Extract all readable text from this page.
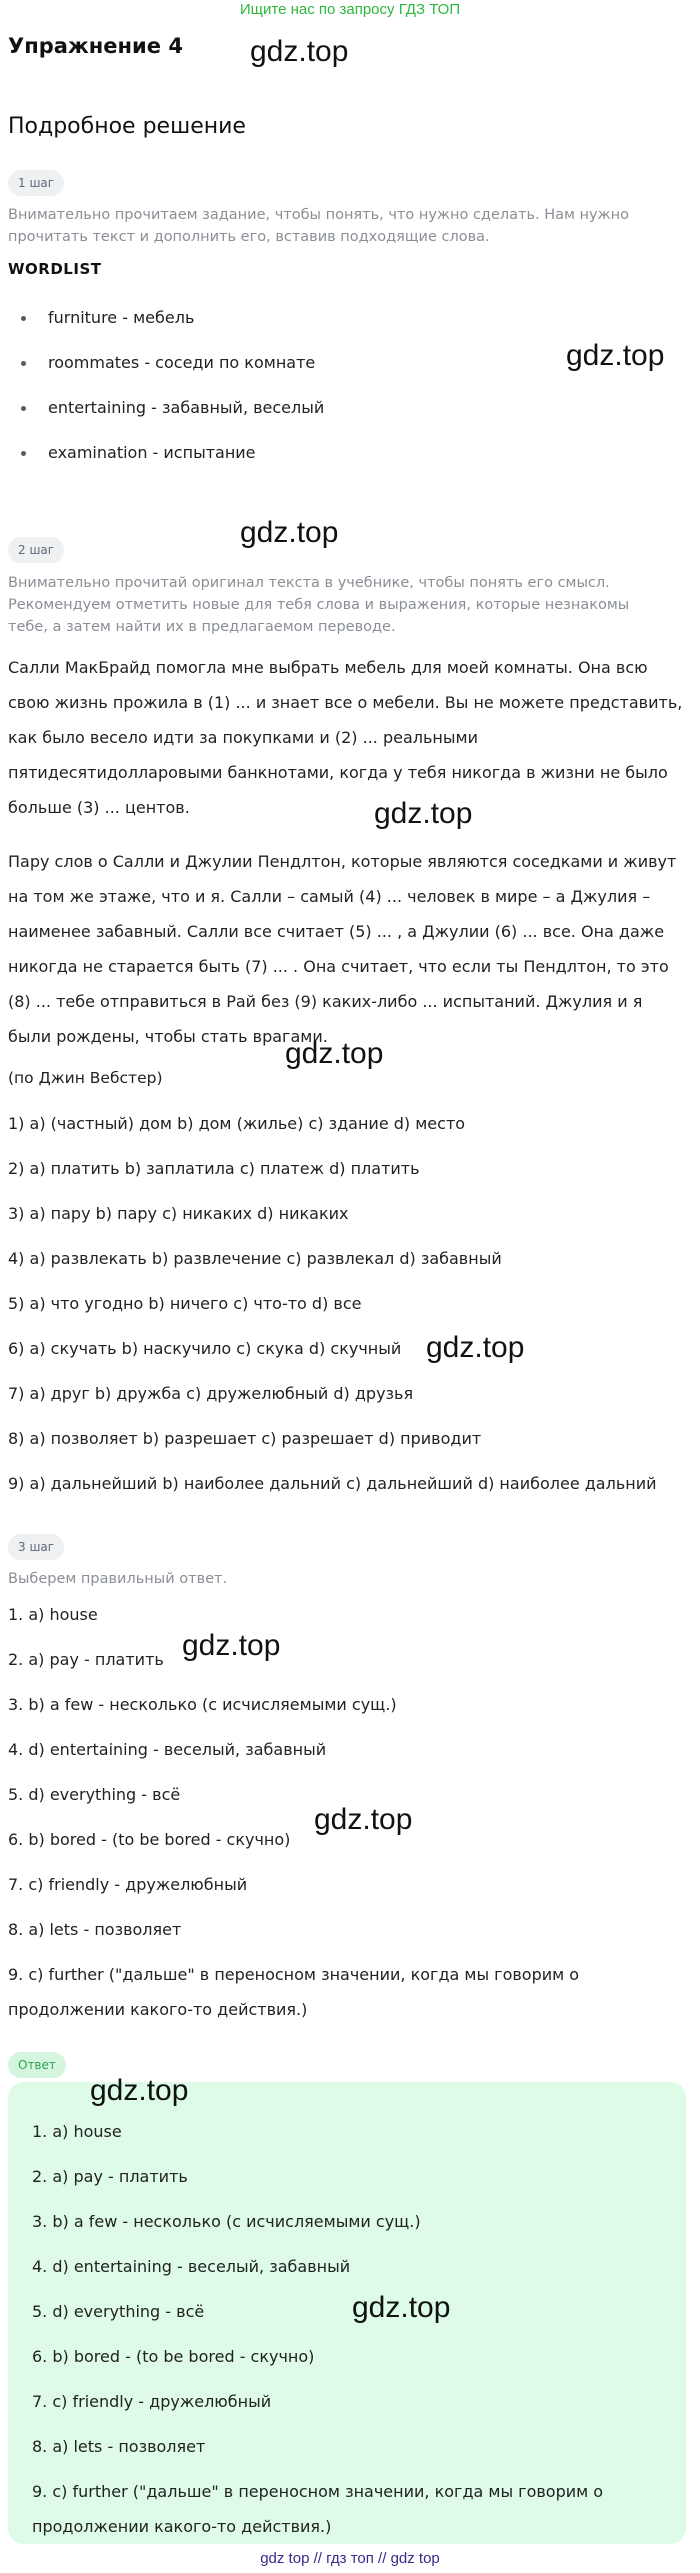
Ищите нас по запросу ГДЗ ТОП
Упражнение 4
Подробное решение
1 шаг
Внимательно прочитаем задание, чтобы понять, что нужно сделать. Нам нужно прочитать текст и дополнить его, вставив подходящие слова.
WORDLIST
furniture - мебель
roommates - соседи по комнате
entertaining - забавный, веселый
examination - испытание
2 шаг
Внимательно прочитай оригинал текста в учебнике, чтобы понять его смысл. Рекомендуем отметить новые для тебя слова и выражения, которые незнакомы тебе, а затем найти их в предлагаемом переводе.
Салли МакБрайд помогла мне выбрать мебель для моей комнаты. Она всю свою жизнь прожила в (1) ... и знает все о мебели. Вы не можете представить, как было весело идти за покупками и (2) ... реальными пятидесятидолларовыми банкнотами, когда у тебя никогда в жизни не было больше (3) ... центов.
Пару слов о Салли и Джулии Пендлтон, которые являются соседками и живут на том же этаже, что и я. Салли – самый (4) ... человек в мире – а Джулия – наименее забавный. Салли все считает (5) ... , а Джулии (6) ... все. Она даже никогда не старается быть (7) ... . Она считает, что если ты Пендлтон, то это (8) ... тебе отправиться в Рай без (9) каких-либо ... испытаний. Джулия и я были рождены, чтобы стать врагами.
(по Джин Вебстер)
1) a) (частный) дом b) дом (жилье) c) здание d) место
2) a) платить b) заплатила c) платеж d) платить
3) a) пару b) пару c) никаких d) никаких
4) a) развлекать b) развлечение c) развлекал d) забавный
5) a) что угодно b) ничего c) что-то d) все
6) a) скучать b) наскучило c) скука d) скучный
7) a) друг b) дружба c) дружелюбный d) друзья
8) a) позволяет b) разрешает c) разрешает d) приводит
9) a) дальнейший b) наиболее дальний c) дальнейший d) наиболее дальний
3 шаг
Выберем правильный ответ.
1. a) house
2. a) pay - платить
3. b) a few - несколько (с исчисляемыми сущ.)
4. d) entertaining - веселый, забавный
5. d) everything - всё
6. b) bored - (to be bored - скучно)
7. c) friendly - дружелюбный
8. a) lets - позволяет
9. c) further ("дальше" в переносном значении, когда мы говорим о продолжении какого-то действия.)
Ответ
1. a) house
2. a) pay - платить
3. b) a few - несколько (с исчисляемыми сущ.)
4. d) entertaining - веселый, забавный
5. d) everything - всё
6. b) bored - (to be bored - скучно)
7. c) friendly - дружелюбный
8. a) lets - позволяет
9. c) further ("дальше" в переносном значении, когда мы говорим о продолжении какого-то действия.)
gdz.top
gdz.top
gdz.top
gdz.top
gdz.top
gdz.top
gdz.top
gdz.top
gdz.top
gdz.top
gdz top // гдз топ // gdz top
